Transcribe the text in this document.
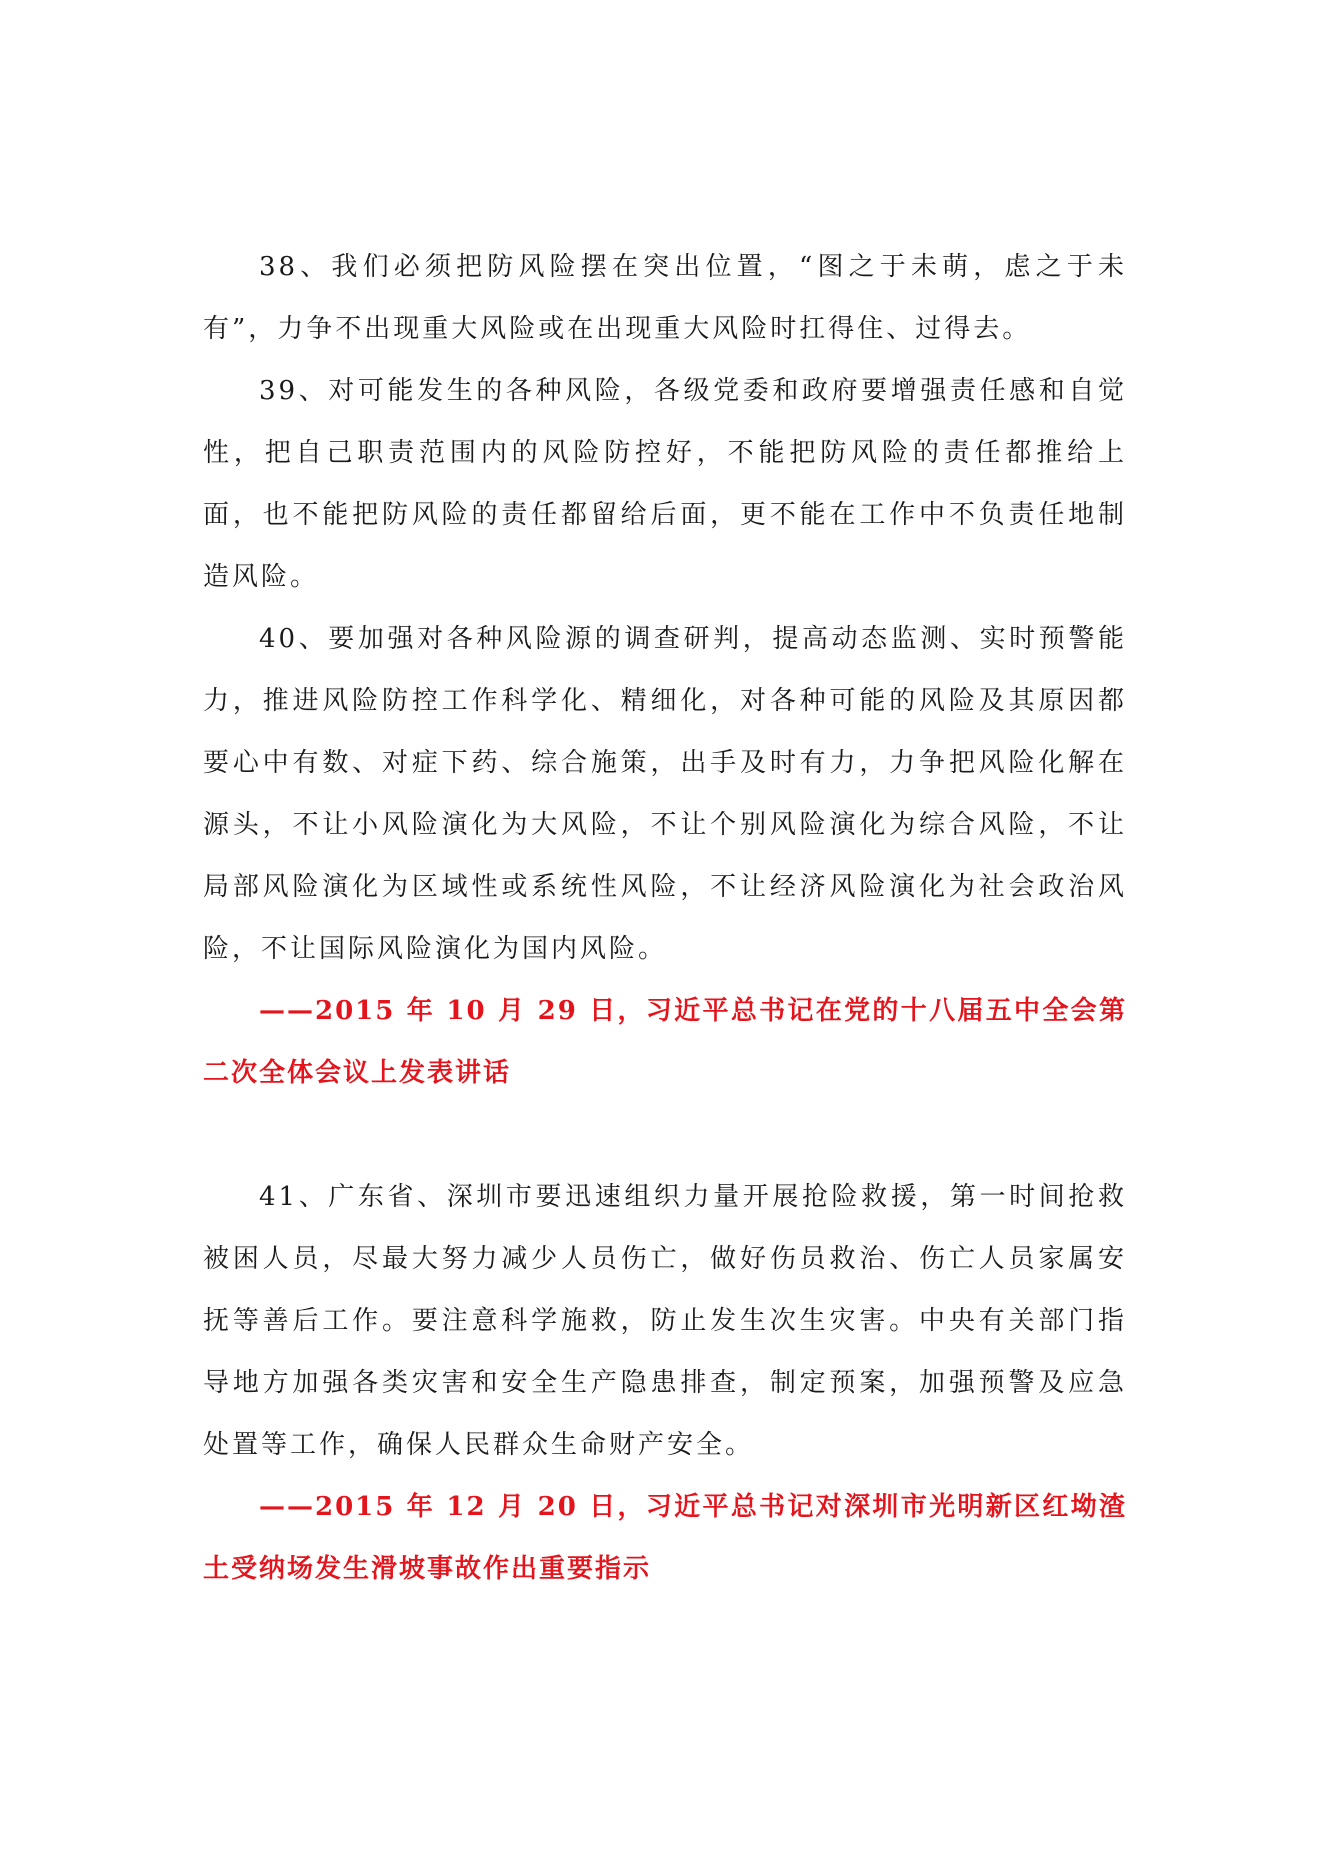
38、我们必须把防风险摆在突出位置，“图之于未萌，虑之于未有”，力争不出现重大风险或在出现重大风险时扛得住、过得去。

39、对可能发生的各种风险，各级党委和政府要增强责任感和自觉性，把自己职责范围内的风险防控好，不能把防风险的责任都推给上面，也不能把防风险的责任都留给后面，更不能在工作中不负责任地制造风险。

40、要加强对各种风险源的调查研判，提高动态监测、实时预警能力，推进风险防控工作科学化、精细化，对各种可能的风险及其原因都要心中有数、对症下药、综合施策，出手及时有力，力争把风险化解在源头，不让小风险演化为大风险，不让个别风险演化为综合风险，不让局部风险演化为区域性或系统性风险，不让经济风险演化为社会政治风险，不让国际风险演化为国内风险。

——2015 年 10 月 29 日，习近平总书记在党的十八届五中全会第二次全体会议上发表讲话

41、广东省、深圳市要迅速组织力量开展抢险救援，第一时间抢救被困人员，尽最大努力减少人员伤亡，做好伤员救治、伤亡人员家属安抚等善后工作。要注意科学施救，防止发生次生灾害。中央有关部门指导地方加强各类灾害和安全生产隐患排查，制定预案，加强预警及应急处置等工作，确保人民群众生命财产安全。

——2015 年 12 月 20 日，习近平总书记对深圳市光明新区红坳渣土受纳场发生滑坡事故作出重要指示
